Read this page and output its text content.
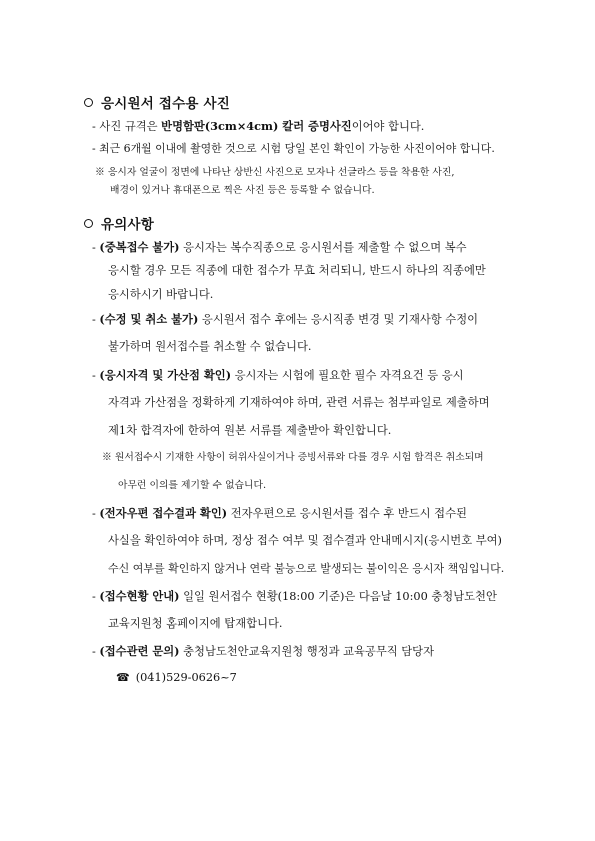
응시원서 접수용 사진
- 사진 규격은 반명함판(3cm×4cm) 칼러 증명사진이어야 합니다.
- 최근 6개월 이내에 촬영한 것으로 시험 당일 본인 확인이 가능한 사진이어야 합니다.
※ 응시자 얼굴이 정면에 나타난 상반신 사진으로 모자나 선글라스 등을 착용한 사진,
배경이 있거나 휴대폰으로 찍은 사진 등은 등록할 수 없습니다.
유의사항
- (중복접수 불가) 응시자는 복수직종으로 응시원서를 제출할 수 없으며 복수
응시할 경우 모든 직종에 대한 접수가 무효 처리되니, 반드시 하나의 직종에만
응시하시기 바랍니다.
- (수정 및 취소 불가) 응시원서 접수 후에는 응시직종 변경 및 기재사항 수정이
불가하며 원서접수를 취소할 수 없습니다.
- (응시자격 및 가산점 확인) 응시자는 시험에 필요한 필수 자격요건 등 응시
자격과 가산점을 정확하게 기재하여야 하며, 관련 서류는 첨부파일로 제출하며
제1차 합격자에 한하여 원본 서류를 제출받아 확인합니다.
※ 원서접수시 기재한 사항이 허위사실이거나 증빙서류와 다를 경우 시험 합격은 취소되며
아무런 이의를 제기할 수 없습니다.
- (전자우편 접수결과 확인) 전자우편으로 응시원서를 접수 후 반드시 접수된
사실을 확인하여야 하며, 정상 접수 여부 및 접수결과 안내메시지(응시번호 부여)
수신 여부를 확인하지 않거나 연락 불능으로 발생되는 불이익은 응시자 책임입니다.
- (접수현황 안내) 일일 원서접수 현황(18:00 기준)은 다음날 10:00 충청남도천안
교육지원청 홈페이지에 탑재합니다.
- (접수관련 문의) 충청남도천안교육지원청 행정과 교육공무직 담당자
☎ (041)529-0626~7
